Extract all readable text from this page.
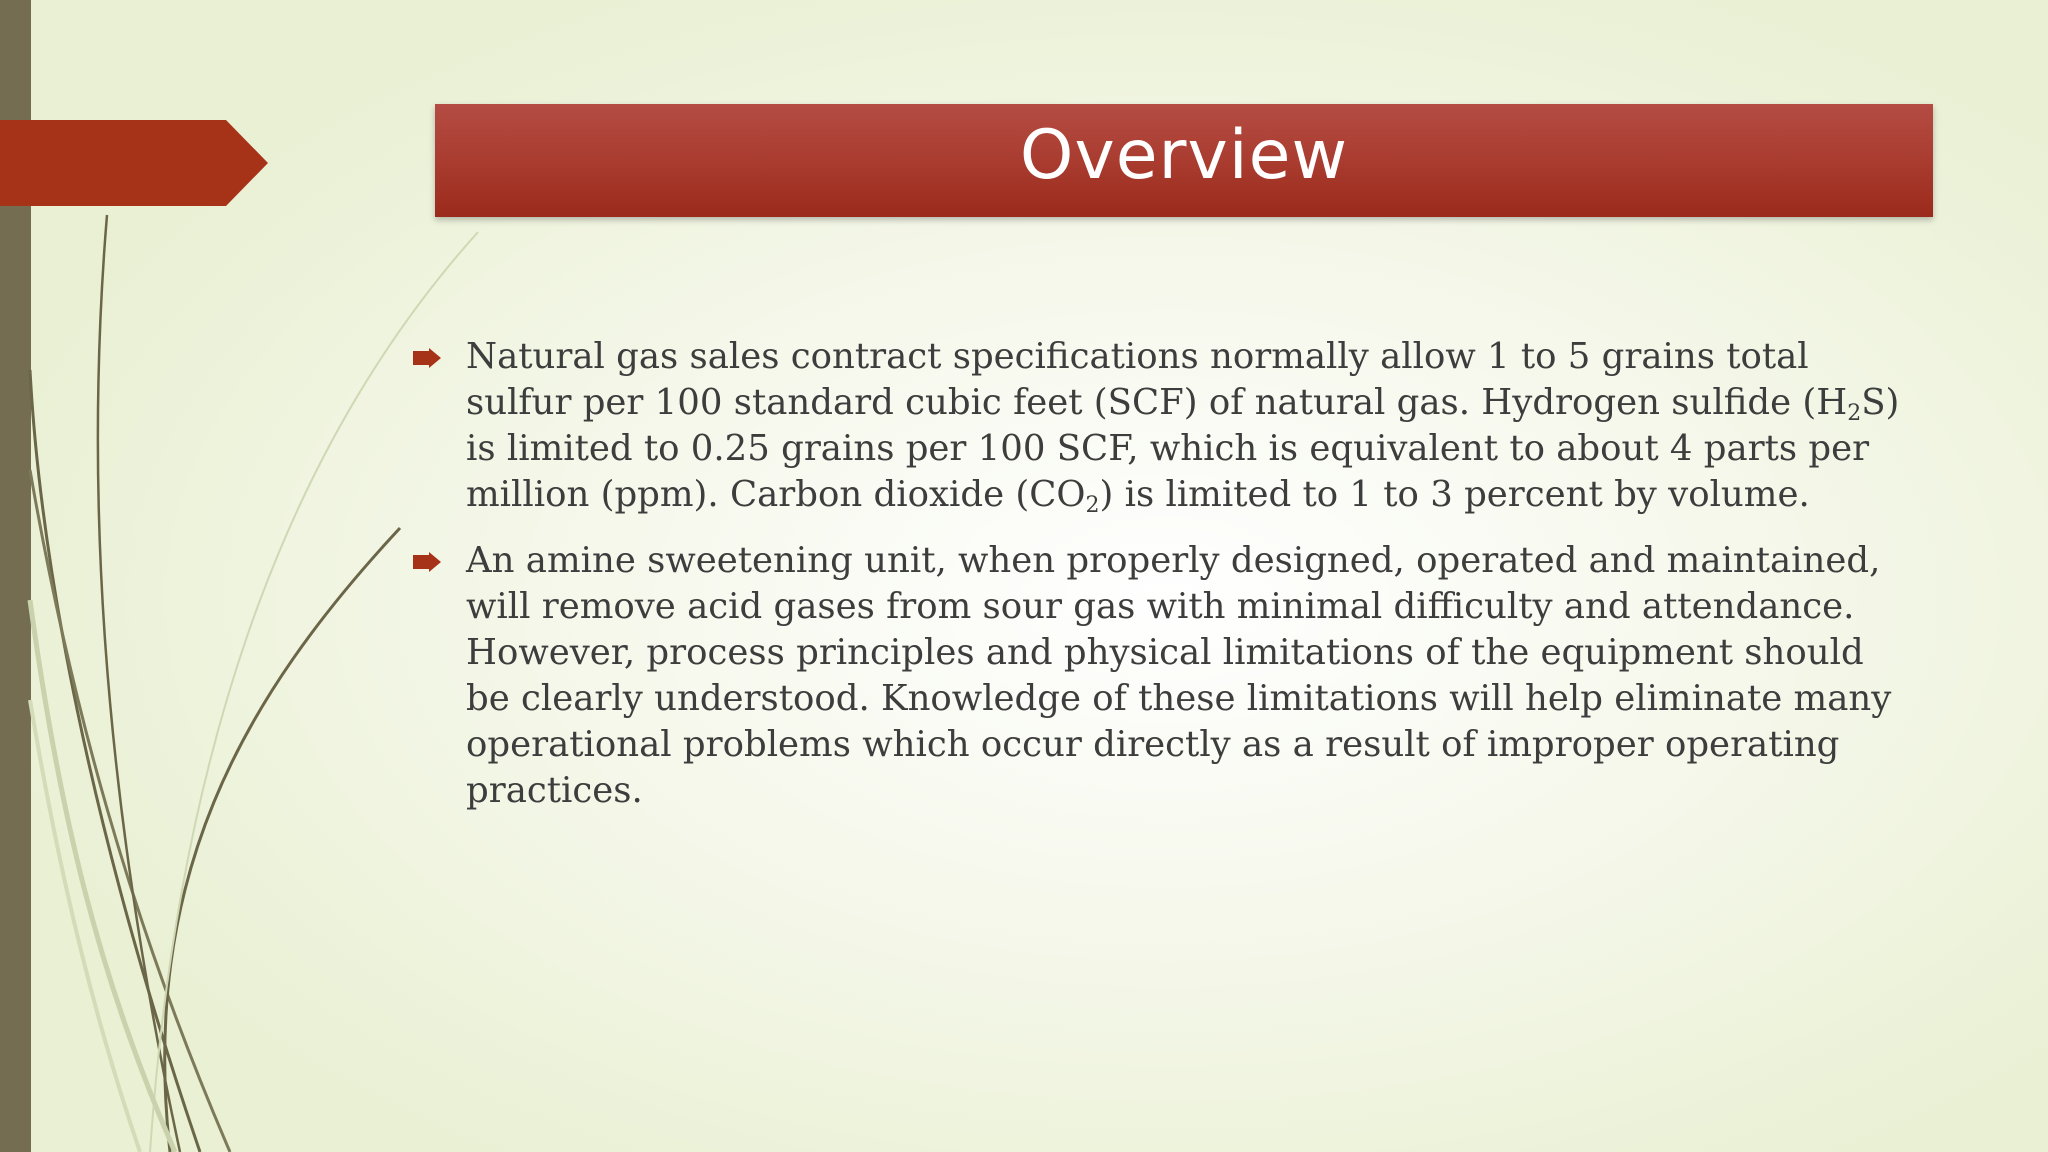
Overview
Natural gas sales contract specifications normally allow 1 to 5 grains total sulfur per 100 standard cubic feet (SCF) of natural gas. Hydrogen sulfide $(H_2S)$ is limited to 0.25 grains per 100 SCF, which is equivalent to about 4 parts per million (ppm). Carbon dioxide $(CO_2)$ is limited to 1 to 3 percent by volume.
An amine sweetening unit, when properly designed, operated and maintained, will remove acid gases from sour gas with minimal difficulty and attendance. However, process principles and physical limitations of the equipment should be clearly understood. Knowledge of these limitations will help eliminate many operational problems which occur directly as a result of improper operating practices.
